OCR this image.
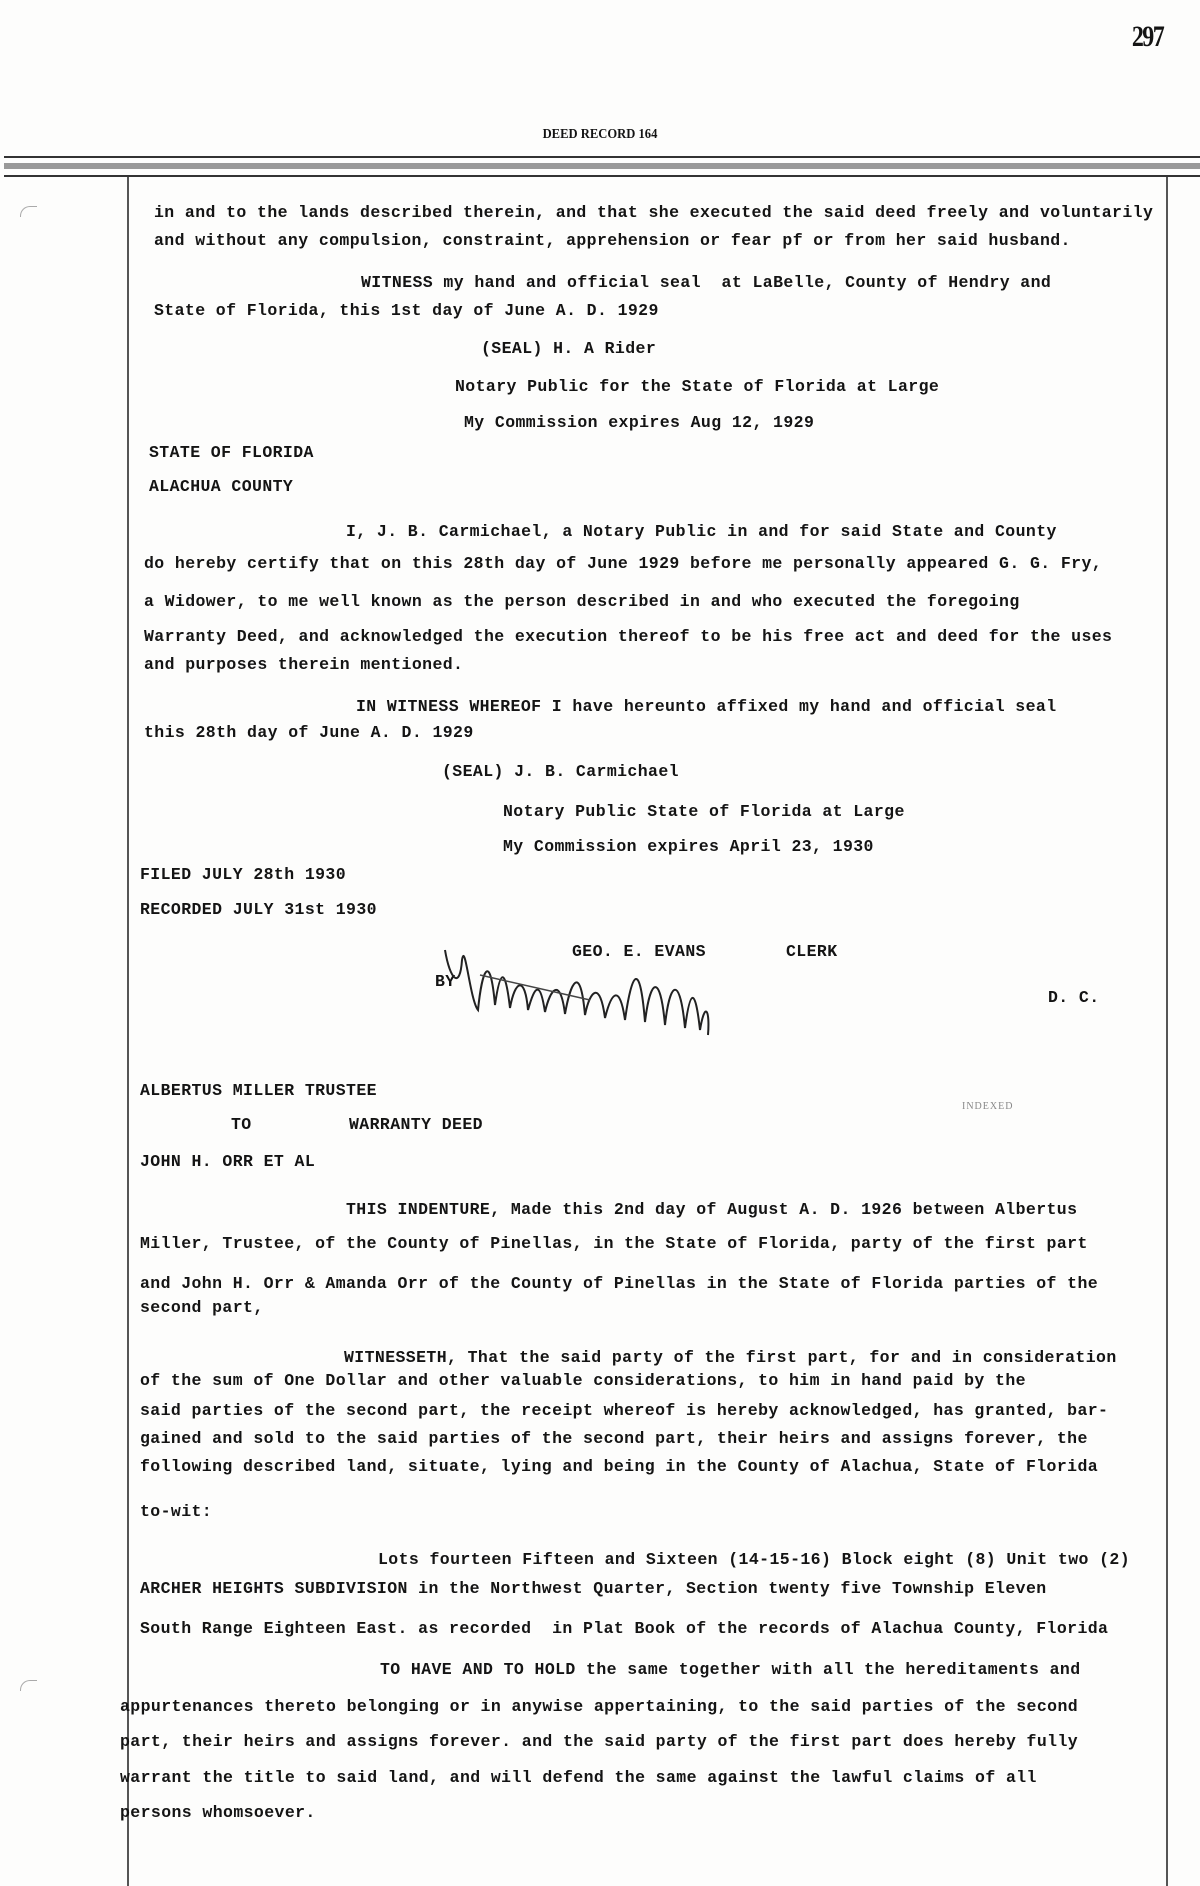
297
DEED RECORD 164
in and to the lands described therein, and that she executed the said deed freely and voluntarily
and without any compulsion, constraint, apprehension or fear pf or from her said husband.
WITNESS my hand and official seal  at LaBelle, County of Hendry and
State of Florida, this 1st day of June A. D. 1929
(SEAL) H. A Rider
Notary Public for the State of Florida at Large
My Commission expires Aug 12, 1929
STATE OF FLORIDA
ALACHUA COUNTY
I, J. B. Carmichael, a Notary Public in and for said State and County
do hereby certify that on this 28th day of June 1929 before me personally appeared G. G. Fry,
a Widower, to me well known as the person described in and who executed the foregoing
Warranty Deed, and acknowledged the execution thereof to be his free act and deed for the uses
and purposes therein mentioned.
IN WITNESS WHEREOF I have hereunto affixed my hand and official seal
this 28th day of June A. D. 1929
(SEAL) J. B. Carmichael
Notary Public State of Florida at Large
My Commission expires April 23, 1930
FILED JULY 28th 1930
RECORDED JULY 31st 1930
GEO. E. EVANS	CLERK
BY
D. C.
ALBERTUS MILLER TRUSTEE
TO	WARRANTY DEED
JOHN H. ORR ET AL
THIS INDENTURE, Made this 2nd day of August A. D. 1926 between Albertus
Miller, Trustee, of the County of Pinellas, in the State of Florida, party of the first part
and John H. Orr & Amanda Orr of the County of Pinellas in the State of Florida parties of the
second part,
WITNESSETH, That the said party of the first part, for and in consideration
of the sum of One Dollar and other valuable considerations, to him in hand paid by the
said parties of the second part, the receipt whereof is hereby acknowledged, has granted, bar-
gained and sold to the said parties of the second part, their heirs and assigns forever, the
following described land, situate, lying and being in the County of Alachua, State of Florida
to-wit:
Lots fourteen Fifteen and Sixteen (14-15-16) Block eight (8) Unit two (2)
ARCHER HEIGHTS SUBDIVISION in the Northwest Quarter, Section twenty five Township Eleven
South Range Eighteen East. as recorded  in Plat Book of the records of Alachua County, Florida
TO HAVE AND TO HOLD the same together with all the hereditaments and
appurtenances thereto belonging or in anywise appertaining, to the said parties of the second
part, their heirs and assigns forever. and the said party of the first part does hereby fully
warrant the title to said land, and will defend the same against the lawful claims of all
persons whomsoever.
INDEXED
